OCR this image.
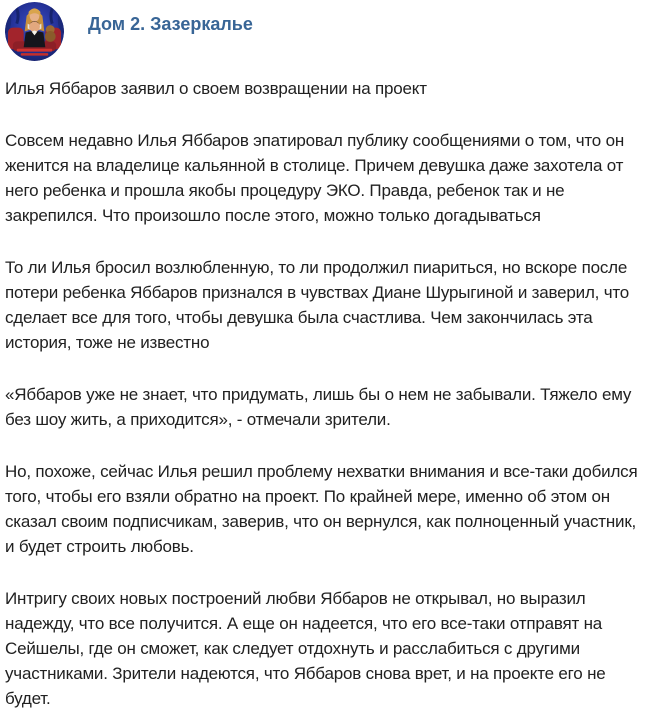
Дом 2. Зазеркалье
Илья Яббаров заявил о своем возвращении на проект
Совсем недавно Илья Яббаров эпатировал публику сообщениями о том, что он
женится на владелице кальянной в столице. Причем девушка даже захотела от
него ребенка и прошла якобы процедуру ЭКО. Правда, ребенок так и не
закрепился. Что произошло после этого, можно только догадываться
То ли Илья бросил возлюбленную, то ли продолжил пиариться, но вскоре после
потери ребенка Яббаров признался в чувствах Диане Шурыгиной и заверил, что
сделает все для того, чтобы девушка была счастлива. Чем закончилась эта
история, тоже не известно
«Яббаров уже не знает, что придумать, лишь бы о нем не забывали. Тяжело ему
без шоу жить, а приходится», - отмечали зрители.
Но, похоже, сейчас Илья решил проблему нехватки внимания и все-таки добился
того, чтобы его взяли обратно на проект. По крайней мере, именно об этом он
сказал своим подписчикам, заверив, что он вернулся, как полноценный участник,
и будет строить любовь.
Интригу своих новых построений любви Яббаров не открывал, но выразил
надежду, что все получится. А еще он надеется, что его все-таки отправят на
Сейшелы, где он сможет, как следует отдохнуть и расслабиться с другими
участниками. Зрители надеются, что Яббаров снова врет, и на проекте его не
будет.
